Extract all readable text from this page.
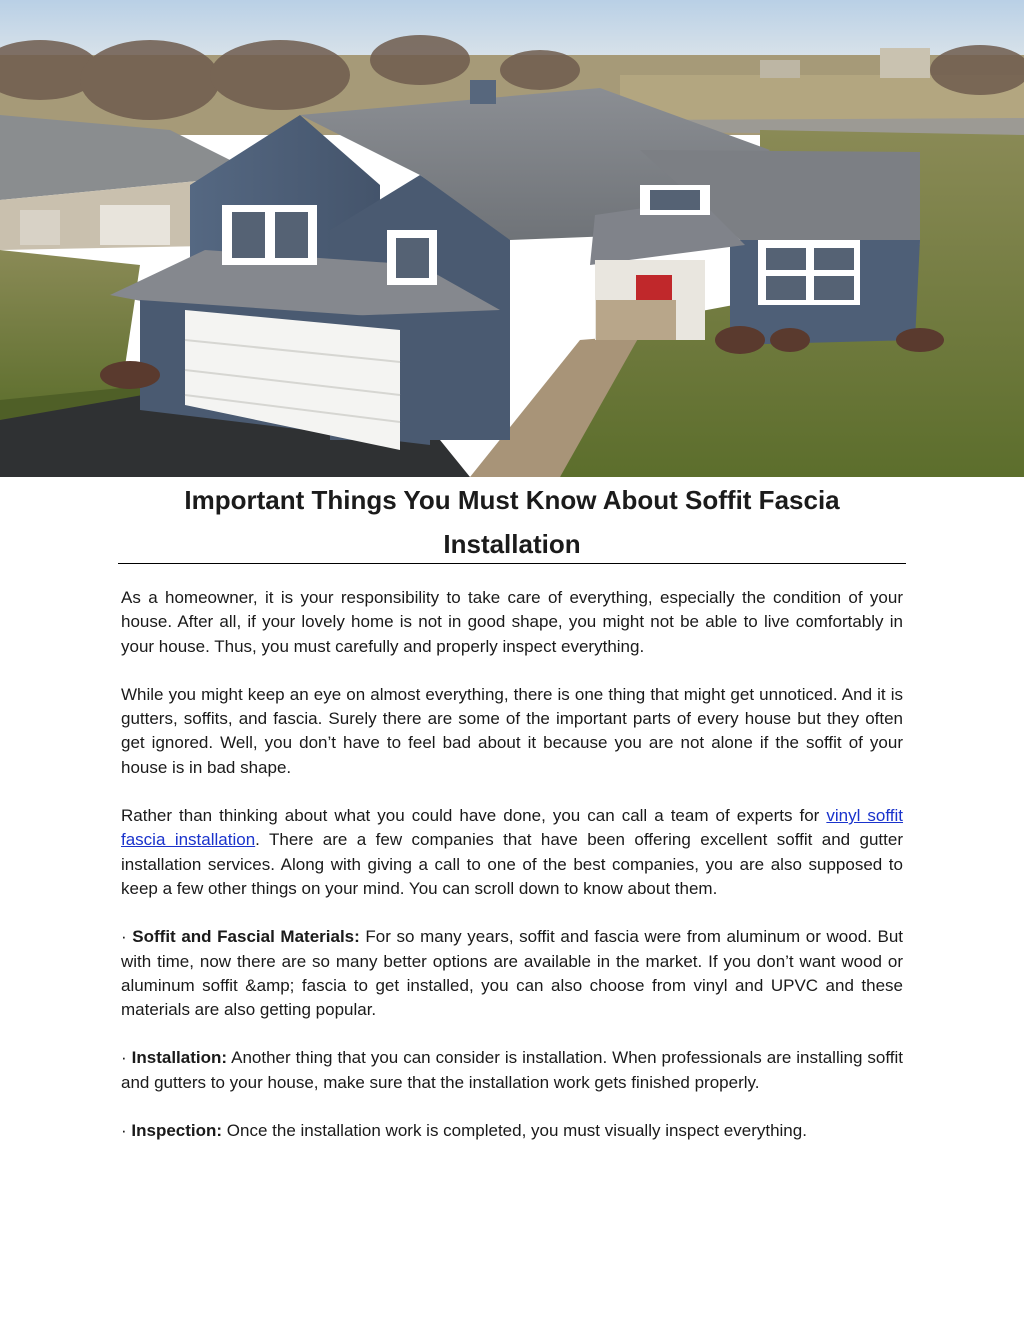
Important Things You Must Know About Soffit Fascia Installation

As a homeowner, it is your responsibility to take care of everything, especially the condition of your house. After all, if your lovely home is not in good shape, you might not be able to live comfortably in your house. Thus, you must carefully and properly inspect everything.

While you might keep an eye on almost everything, there is one thing that might get unnoticed. And it is gutters, soffits, and fascia. Surely there are some of the important parts of every house but they often get ignored. Well, you don’t have to feel bad about it because you are not alone if the soffit of your house is in bad shape.

Rather than thinking about what you could have done, you can call a team of experts for vinyl soffit fascia installation. There are a few companies that have been offering excellent soffit and gutter installation services. Along with giving a call to one of the best companies, you are also supposed to keep a few other things on your mind. You can scroll down to know about them.

· Soffit and Fascial Materials: For so many years, soffit and fascia were from aluminum or wood. But with time, now there are so many better options are available in the market. If you don’t want wood or aluminum soffit &amp; fascia to get installed, you can also choose from vinyl and UPVC and these materials are also getting popular.

· Installation: Another thing that you can consider is installation. When professionals are installing soffit and gutters to your house, make sure that the installation work gets finished properly.

· Inspection: Once the installation work is completed, you must visually inspect everything.
